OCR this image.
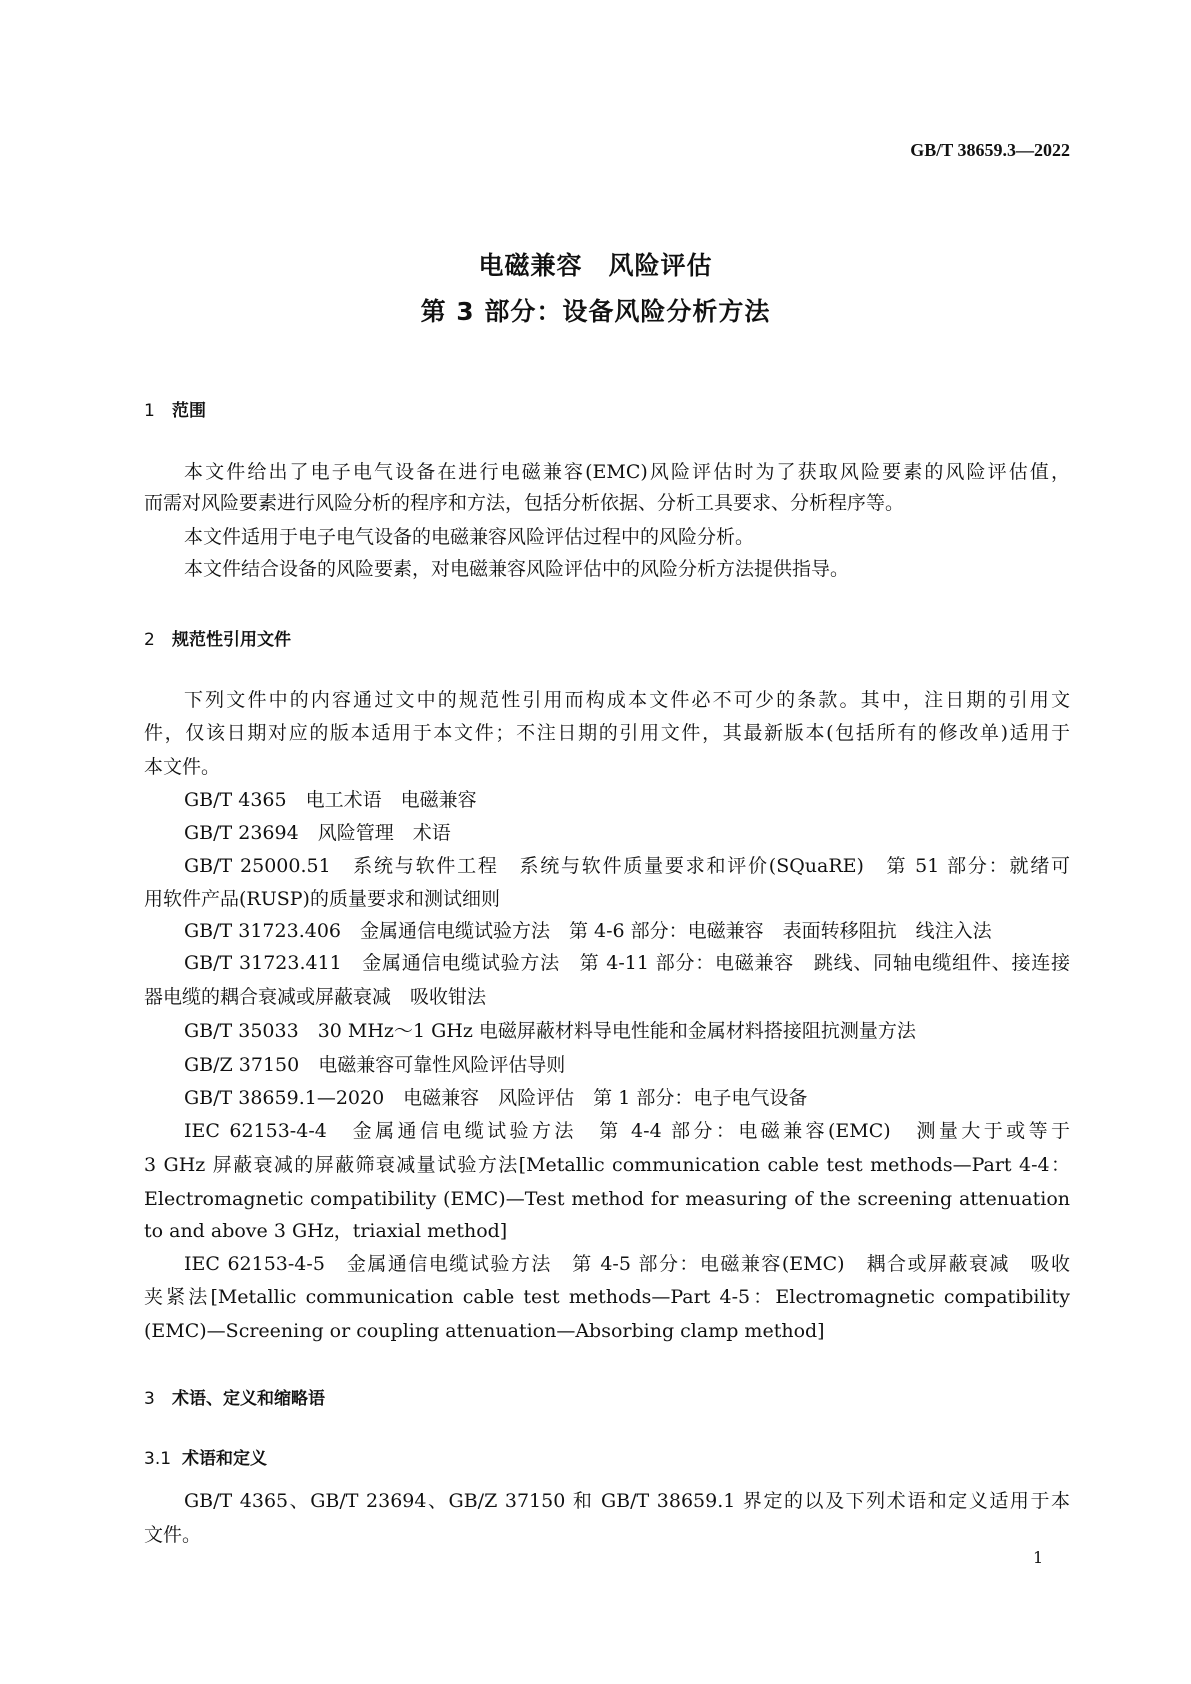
GB/T 38659.3—2022
电磁兼容　风险评估
第 3 部分：设备风险分析方法
1 范围
本文件给出了电子电气设备在进行电磁兼容(EMC)风险评估时为了获取风险要素的风险评估值，
而需对风险要素进行风险分析的程序和方法，包括分析依据、分析工具要求、分析程序等。
本文件适用于电子电气设备的电磁兼容风险评估过程中的风险分析。
本文件结合设备的风险要素，对电磁兼容风险评估中的风险分析方法提供指导。
2 规范性引用文件
下列文件中的内容通过文中的规范性引用而构成本文件必不可少的条款。其中，注日期的引用文
件，仅该日期对应的版本适用于本文件；不注日期的引用文件，其最新版本(包括所有的修改单)适用于
本文件。
GB/T 4365　电工术语　电磁兼容
GB/T 23694　风险管理　术语
GB/T 25000.51　系统与软件工程　系统与软件质量要求和评价(SQuaRE)　第 51 部分：就绪可
用软件产品(RUSP)的质量要求和测试细则
GB/T 31723.406　金属通信电缆试验方法　第 4-6 部分：电磁兼容　表面转移阻抗　线注入法
GB/T 31723.411　金属通信电缆试验方法　第 4-11 部分：电磁兼容　跳线、同轴电缆组件、接连接
器电缆的耦合衰减或屏蔽衰减　吸收钳法
GB/T 35033　30 MHz～1 GHz 电磁屏蔽材料导电性能和金属材料搭接阻抗测量方法
GB/Z 37150　电磁兼容可靠性风险评估导则
GB/T 38659.1—2020　电磁兼容　风险评估　第 1 部分：电子电气设备
IEC 62153-4-4　金属通信电缆试验方法　第 4-4 部分：电磁兼容(EMC)　测量大于或等于
3 GHz 屏蔽衰减的屏蔽筛衰减量试验方法[Metallic communication cable test methods—Part 4-4：
Electromagnetic compatibility (EMC)—Test method for measuring of the screening attenuation
to and above 3 GHz，triaxial method]
IEC 62153-4-5　金属通信电缆试验方法　第 4-5 部分：电磁兼容(EMC)　耦合或屏蔽衰减　吸收
夹紧法[Metallic communication cable test methods—Part 4-5：Electromagnetic compatibility
(EMC)—Screening or coupling attenuation—Absorbing clamp method]
3 术语、定义和缩略语
3.1 术语和定义
GB/T 4365、GB/T 23694、GB/Z 37150 和 GB/T 38659.1 界定的以及下列术语和定义适用于本
文件。
1
